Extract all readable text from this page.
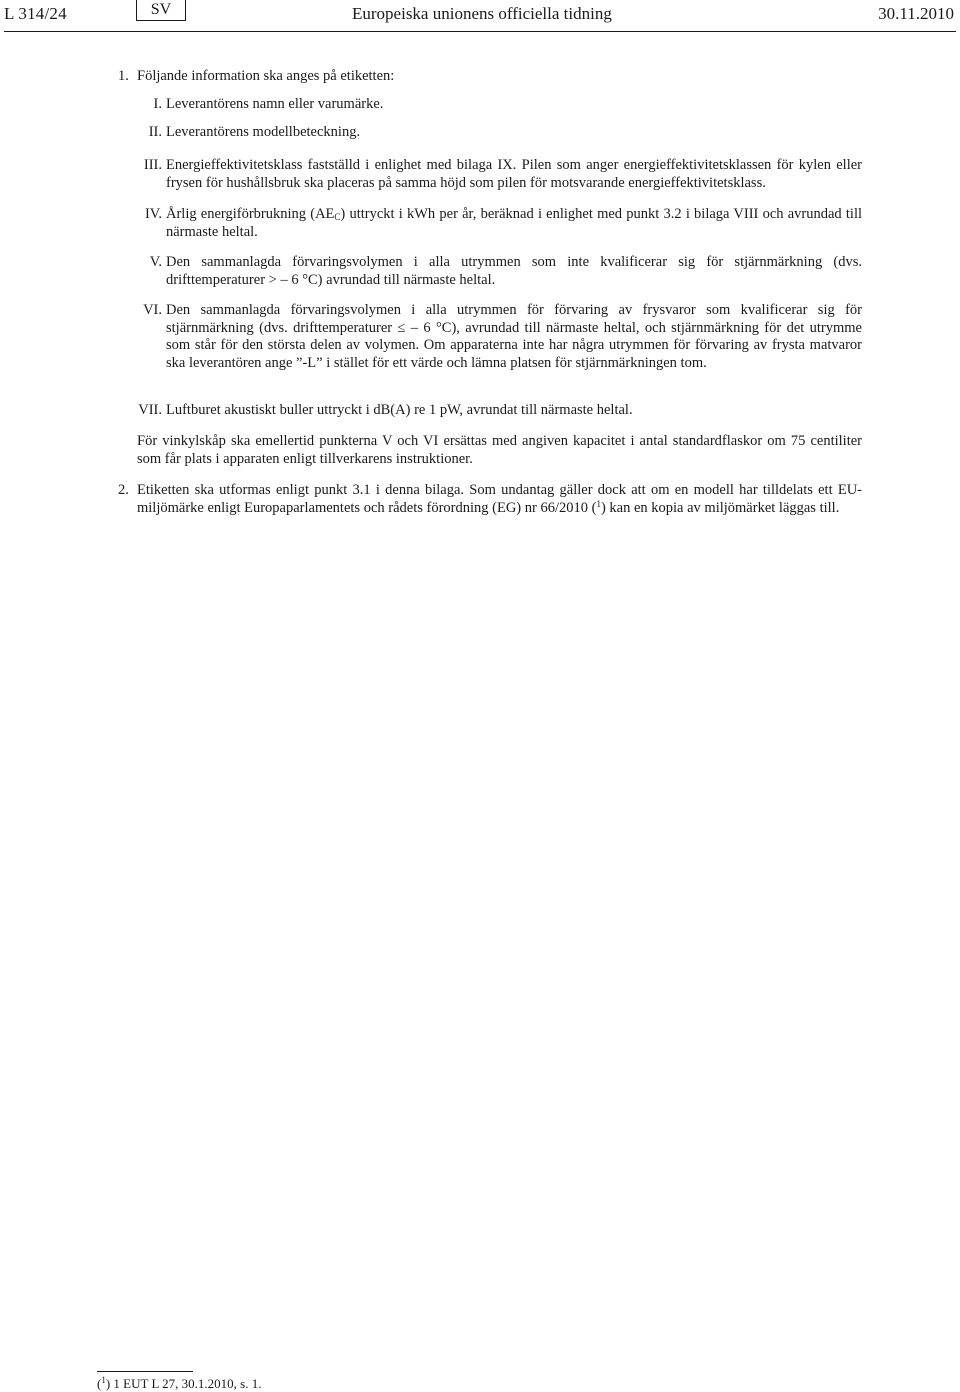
L 314/24	SV	Europeiska unionens officiella tidning	30.11.2010
1. Följande information ska anges på etiketten:
I. Leverantörens namn eller varumärke.
II. Leverantörens modellbeteckning.
III. Energieffektivitetsklass fastställd i enlighet med bilaga IX. Pilen som anger energieffektivitetsklassen för kylen eller frysen för hushållsbruk ska placeras på samma höjd som pilen för motsvarande energieffektivitetsklass.
IV. Årlig energiförbrukning $(AE_C)$ uttryckt i kWh per år, beräknad i enlighet med punkt 3.2 i bilaga VIII och avrundad till närmaste heltal.
V. Den sammanlagda förvaringsvolymen i alla utrymmen som inte kvalificerar sig för stjärnmärkning (dvs. drifttemperaturer > – 6 °C) avrundad till närmaste heltal.
VI. Den sammanlagda förvaringsvolymen i alla utrymmen för förvaring av frysvaror som kvalificerar sig för stjärnmärkning (dvs. drifttemperaturer ≤ – 6 °C), avrundad till närmaste heltal, och stjärnmärkning för det utrymme som står för den största delen av volymen. Om apparaterna inte har några utrymmen för förvaring av frysta matvaror ska leverantören ange ”-L” i stället för ett värde och lämna platsen för stjärnmärkningen tom.
VII. Luftburet akustiskt buller uttryckt i dB(A) re 1 pW, avrundat till närmaste heltal.
För vinkylskåp ska emellertid punkterna V och VI ersättas med angiven kapacitet i antal standardflaskor om 75 centiliter som får plats i apparaten enligt tillverkarens instruktioner.
2. Etiketten ska utformas enligt punkt 3.1 i denna bilaga. Som undantag gäller dock att om en modell har tilldelats ett EU-miljömärke enligt Europaparlamentets och rådets förordning (EG) nr 66/2010 ($^1$) kan en kopia av miljömärket läggas till.
($^1$) 1 EUT L 27, 30.1.2010, s. 1.
